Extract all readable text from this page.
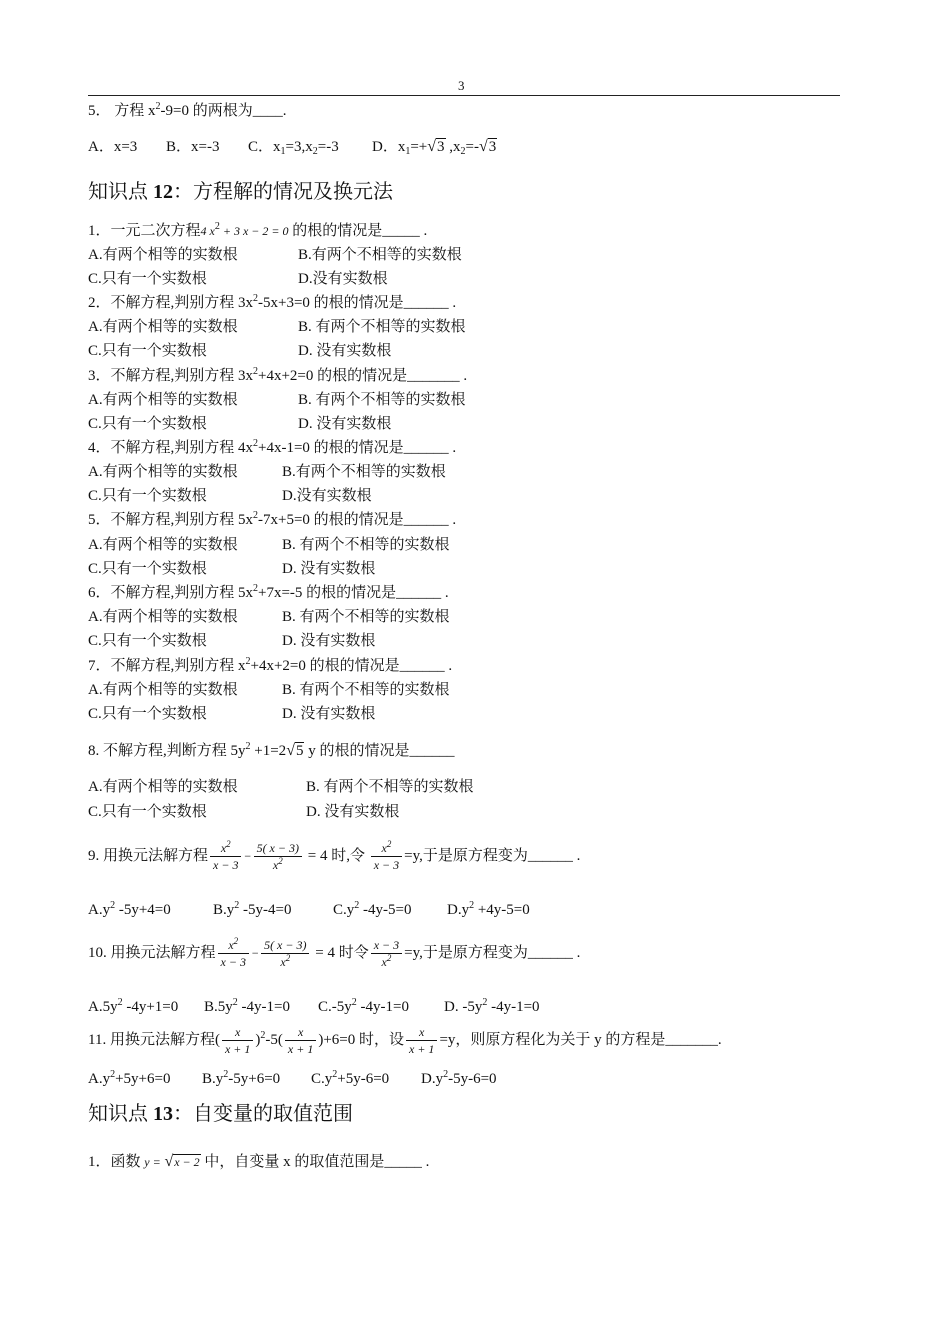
3
5． 方程 $x^2-9=0$ 的两根为____.
A．x=3 B．x=-3 C．$x_1=3,x_2=-3$ D．$x_1=+√3$ $,x_2=-√3$
知识点 12：方程解的情况及换元法
1．一元二次方程4 $x^2 + 3$ x − 2 = 0 的根的情况是_____ .
A.有两个相等的实数根	B.有两个不相等的实数根
C.只有一个实数根	D.没有实数根
2．不解方程,判别方程 $3x^2-5x+3=0$ 的根的情况是______ .
A.有两个相等的实数根	B. 有两个不相等的实数根
C.只有一个实数根	D. 没有实数根
3．不解方程,判别方程 $3x^2+4x+2=0$ 的根的情况是_______ .
A.有两个相等的实数根	B. 有两个不相等的实数根
C.只有一个实数根	D. 没有实数根
4．不解方程,判别方程 $4x^2+4x-1=0$ 的根的情况是______ .
A.有两个相等的实数根	B.有两个不相等的实数根
C.只有一个实数根	D.没有实数根
5．不解方程,判别方程 $5x^2-7x+5=0$ 的根的情况是______ .
A.有两个相等的实数根	B. 有两个不相等的实数根
C.只有一个实数根	D. 没有实数根
6．不解方程,判别方程 $5x^2+7x=-5$ 的根的情况是______ .
A.有两个相等的实数根	B. 有两个不相等的实数根
C.只有一个实数根	D. 没有实数根
7．不解方程,判别方程 $x^2+4x+2=0$ 的根的情况是______ .
A.有两个相等的实数根	B. 有两个不相等的实数根
C.只有一个实数根	D. 没有实数根
8. 不解方程,判断方程 $5y^2 +1=2√5$ y 的根的情况是______
A.有两个相等的实数根	B. 有两个不相等的实数根
C.只有一个实数根	D. 没有实数根
9. 用换元法解方程 $\frac{x^2}{x - 3} - \frac{5( x - 3)}{x^2} = 4$ 时,令 $\frac{x^2}{x - 3} =y$,于是原方程变为______ .
$A.y^2$ -5y+4=0	$B.y^2$ -5y-4=0	$C.y^2$ -4y-5=0 $D.y^2 +4y-5=0$
10. 用换元法解方程 $\frac{x^2}{x - 3} - \frac{5( x - 3)}{x^2} = 4$ 时令 $\frac{x - 3}{x^2} =y$,于是原方程变为______ .
$A.5y^2$ -4y+1=0 $B.5y^2$ -4y-1=0 $C.-5y^2$ -4y-1=0 D. $-5y^2$ -4y-1=0
11. 用换元法解方程( $\frac{x}{x + 1} )^2-5( \frac{x}{x + 1} )+6=0$ 时，设 $\frac{x}{x + 1} =y$，则原方程化为关于 y 的方程是_______.
$A.y^2+5y+6=0$ $B.y^2-5y+6=0$ $C.y^2+5y-6=0$ $D.y^2-5y-6=0$
知识点 13：自变量的取值范围
1．函数 y = √x − 2 中，自变量 x 的取值范围是_____ .
